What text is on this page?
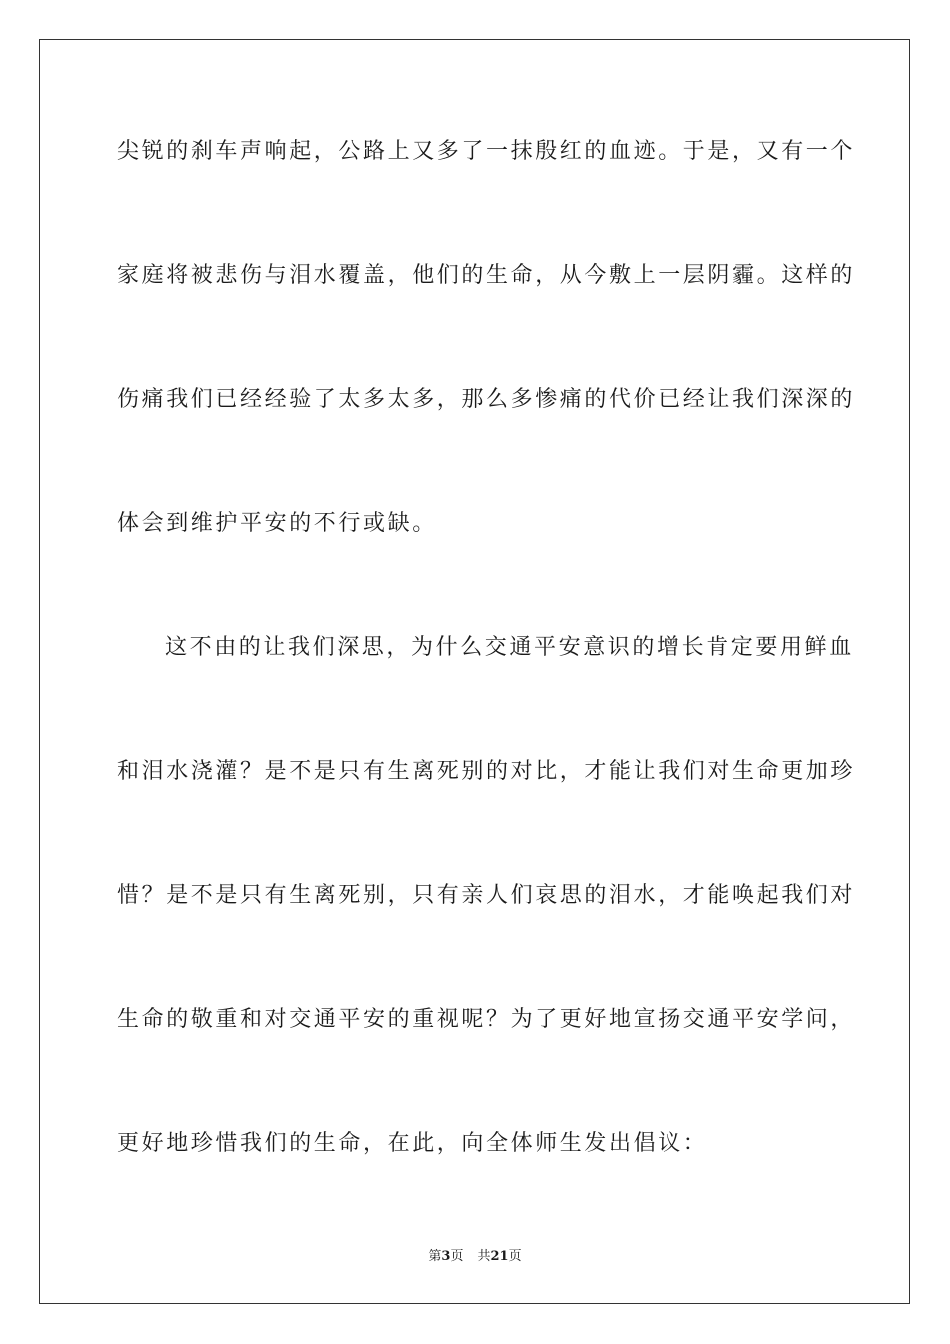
尖锐的刹车声响起，公路上又多了一抹殷红的血迹。于是，又有一个
家庭将被悲伤与泪水覆盖，他们的生命，从今敷上一层阴霾。这样的
伤痛我们已经经验了太多太多，那么多惨痛的代价已经让我们深深的
体会到维护平安的不行或缺。
这不由的让我们深思，为什么交通平安意识的增长肯定要用鲜血
和泪水浇灌？是不是只有生离死别的对比，才能让我们对生命更加珍
惜？是不是只有生离死别，只有亲人们哀思的泪水，才能唤起我们对
生命的敬重和对交通平安的重视呢？为了更好地宣扬交通平安学问，
更好地珍惜我们的生命，在此，向全体师生发出倡议：
第3页 共21页
